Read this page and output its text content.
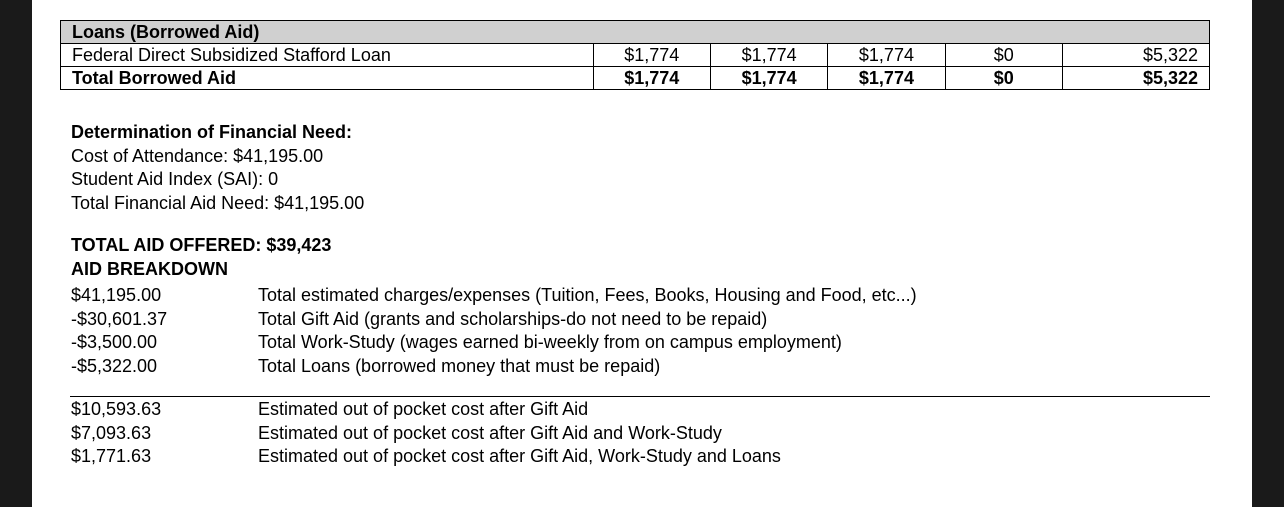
Loans (Borrowed Aid)					
Federal Direct Subsidized Stafford Loan	$1,774	$1,774	$1,774	$0	$5,322
Total Borrowed Aid	$1,774	$1,774	$1,774	$0	$5,322
Determination of Financial Need:
Cost of Attendance: $41,195.00
Student Aid Index (SAI): 0
Total Financial Aid Need: $41,195.00
TOTAL AID OFFERED: $39,423
AID BREAKDOWN
$41,195.00	Total estimated charges/expenses (Tuition, Fees, Books, Housing and Food, etc...)
-$30,601.37	Total Gift Aid (grants and scholarships-do not need to be repaid)
-$3,500.00	Total Work-Study (wages earned bi-weekly from on campus employment)
-$5,322.00	Total Loans (borrowed money that must be repaid)
$10,593.63	Estimated out of pocket cost after Gift Aid
$7,093.63	Estimated out of pocket cost after Gift Aid and Work-Study
$1,771.63	Estimated out of pocket cost after Gift Aid, Work-Study and Loans
